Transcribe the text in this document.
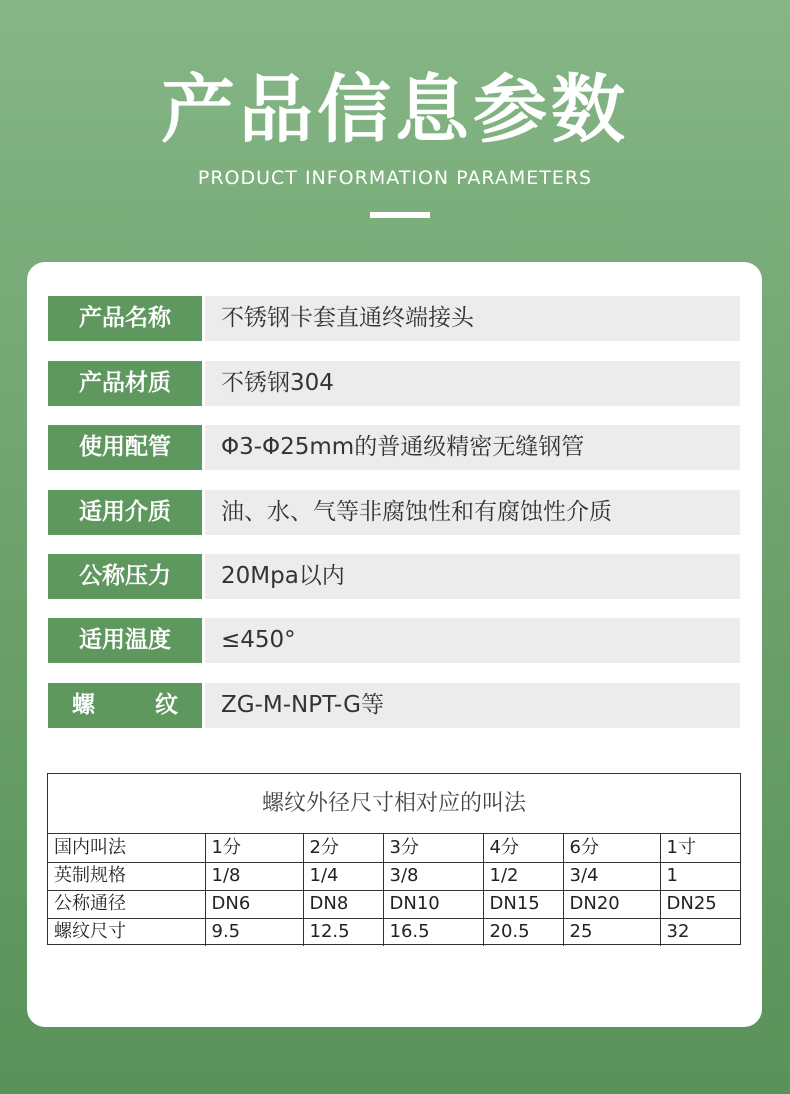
产品信息参数
PRODUCT INFORMATION PARAMETERS
产品名称	不锈钢卡套直通终端接头
产品材质	不锈钢304
使用配管	Φ3-Φ25mm的普通级精密无缝钢管
适用介质	油、水、气等非腐蚀性和有腐蚀性介质
公称压力	20Mpa以内
适用温度	≤450°
螺纹	ZG-M-NPT-G等
螺纹外径尺寸相对应的叫法
国内叫法	1分	2分	3分	4分	6分	1寸
英制规格	1/8	1/4	3/8	1/2	3/4	1
公称通径	DN6	DN8	DN10	DN15	DN20	DN25
螺纹尺寸	9.5	12.5	16.5	20.5	25	32
